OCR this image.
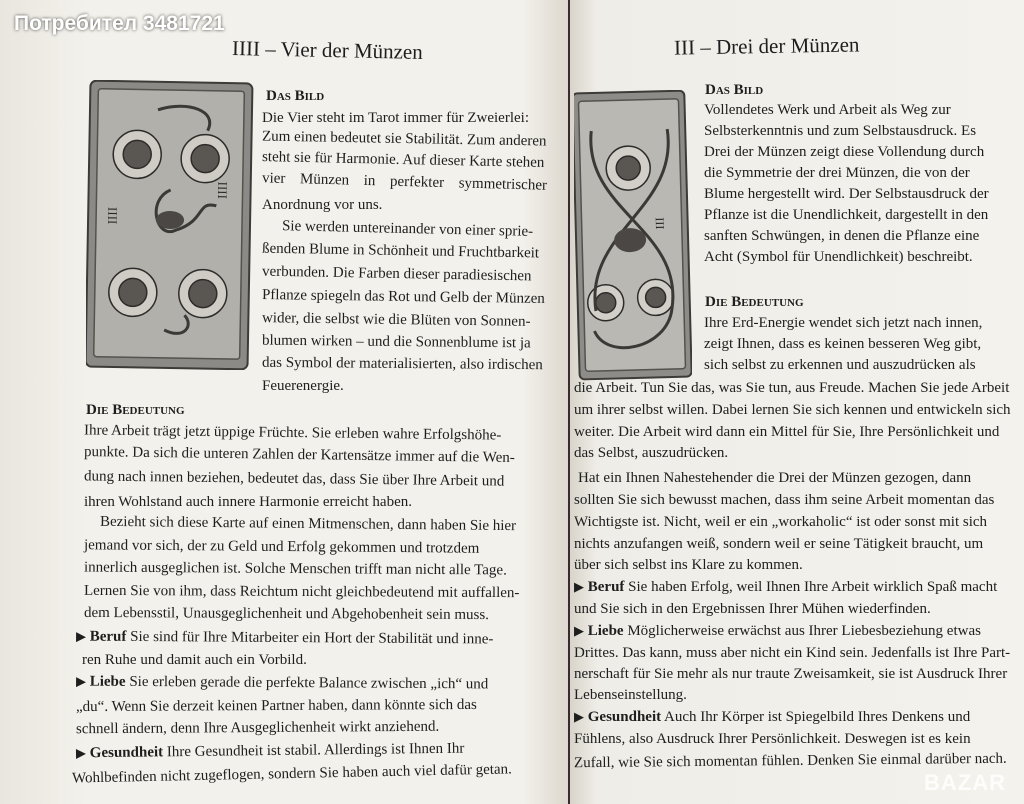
Потребител 3481721
IIII – Vier der Münzen
IIII
IIII
Das Bild
Die Vier steht im Tarot immer für Zweierlei:
Zum einen bedeutet sie Stabilität. Zum anderen
steht sie für Harmonie. Auf dieser Karte stehen
vier Münzen in perfekter symmetrischer
Anordnung vor uns.
Sie werden untereinander von einer sprie-
ßenden Blume in Schönheit und Fruchtbarkeit
verbunden. Die Farben dieser paradiesischen
Pflanze spiegeln das Rot und Gelb der Münzen
wider, die selbst wie die Blüten von Sonnen-
blumen wirken – und die Sonnenblume ist ja
das Symbol der materialisierten, also irdischen
Feuerenergie.
Die Bedeutung
Ihre Arbeit trägt jetzt üppige Früchte. Sie erleben wahre Erfolgshöhe-
punkte. Da sich die unteren Zahlen der Kartensätze immer auf die Wen-
dung nach innen beziehen, bedeutet das, dass Sie über Ihre Arbeit und
ihren Wohlstand auch innere Harmonie erreicht haben.
Bezieht sich diese Karte auf einen Mitmenschen, dann haben Sie hier
jemand vor sich, der zu Geld und Erfolg gekommen und trotzdem
innerlich ausgeglichen ist. Solche Menschen trifft man nicht alle Tage.
Lernen Sie von ihm, dass Reichtum nicht gleichbedeutend mit auffallen-
dem Lebensstil, Unausgeglichenheit und Abgehobenheit sein muss.
▶ Beruf Sie sind für Ihre Mitarbeiter ein Hort der Stabilität und inne-
ren Ruhe und damit auch ein Vorbild.
▶ Liebe Sie erleben gerade die perfekte Balance zwischen „ich“ und
„du“. Wenn Sie derzeit keinen Partner haben, dann könnte sich das
schnell ändern, denn Ihre Ausgeglichenheit wirkt anziehend.
▶ Gesundheit Ihre Gesundheit ist stabil. Allerdings ist Ihnen Ihr
Wohlbefinden nicht zugeflogen, sondern Sie haben auch viel dafür getan.
III – Drei der Münzen
III
Das Bild
Vollendetes Werk und Arbeit als Weg zur
Selbsterkenntnis und zum Selbstausdruck. Es
Drei der Münzen zeigt diese Vollendung durch
die Symmetrie der drei Münzen, die von der
Blume hergestellt wird. Der Selbstausdruck der
Pflanze ist die Unendlichkeit, dargestellt in den
sanften Schwüngen, in denen die Pflanze eine
Acht (Symbol für Unendlichkeit) beschreibt.
Die Bedeutung
Ihre Erd-Energie wendet sich jetzt nach innen,
zeigt Ihnen, dass es keinen besseren Weg gibt,
sich selbst zu erkennen und auszudrücken als
die Arbeit. Tun Sie das, was Sie tun, aus Freude. Machen Sie jede Arbeit
um ihrer selbst willen. Dabei lernen Sie sich kennen und entwickeln sich
weiter. Die Arbeit wird dann ein Mittel für Sie, Ihre Persönlichkeit und
das Selbst, auszudrücken.
Hat ein Ihnen Nahestehender die Drei der Münzen gezogen, dann
sollten Sie sich bewusst machen, dass ihm seine Arbeit momentan das
Wichtigste ist. Nicht, weil er ein „workaholic“ ist oder sonst mit sich
nichts anzufangen weiß, sondern weil er seine Tätigkeit braucht, um
über sich selbst ins Klare zu kommen.
▶ Beruf Sie haben Erfolg, weil Ihnen Ihre Arbeit wirklich Spaß macht
und Sie sich in den Ergebnissen Ihrer Mühen wiederfinden.
▶ Liebe Möglicherweise erwächst aus Ihrer Liebesbeziehung etwas
Drittes. Das kann, muss aber nicht ein Kind sein. Jedenfalls ist Ihre Part-
nerschaft für Sie mehr als nur traute Zweisamkeit, sie ist Ausdruck Ihrer
Lebenseinstellung.
▶ Gesundheit Auch Ihr Körper ist Spiegelbild Ihres Denkens und
Fühlens, also Ausdruck Ihrer Persönlichkeit. Deswegen ist es kein
Zufall, wie Sie sich momentan fühlen. Denken Sie einmal darüber nach.
BAZAR
